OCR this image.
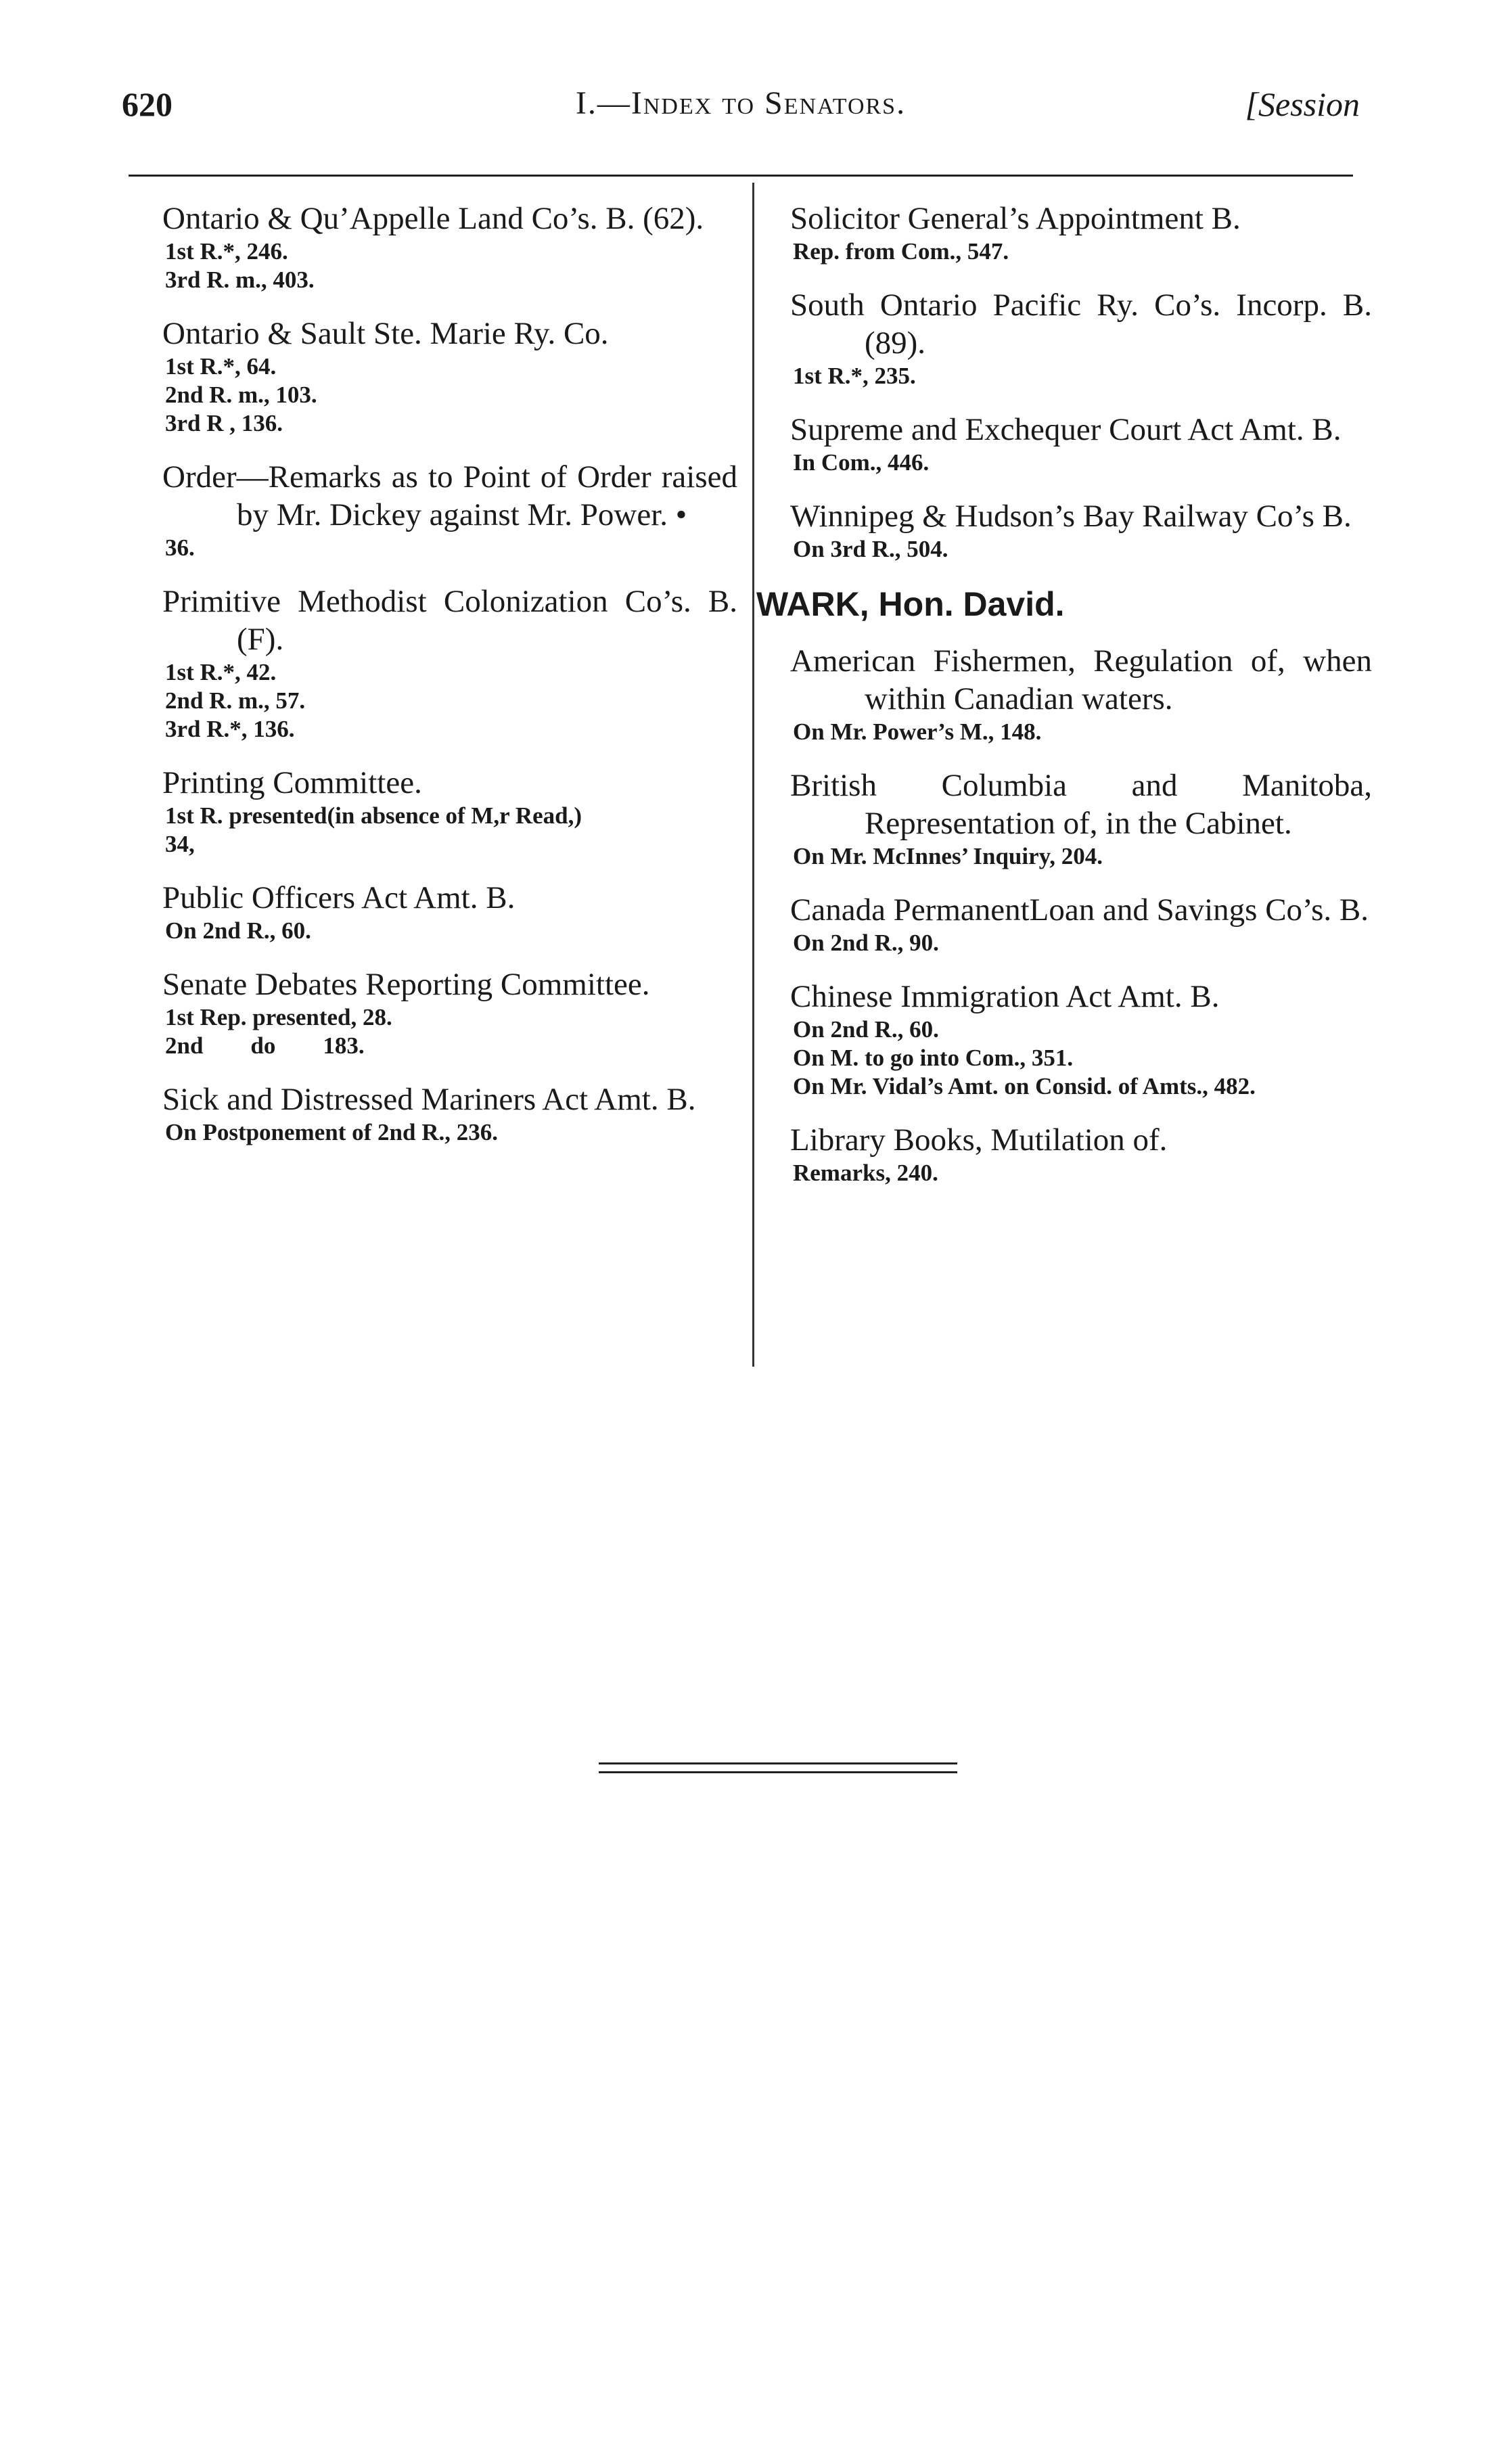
620	I.—Index to Senators.	[Session
Ontario & Qu’Appelle Land Co’s. B. (62).
1st R.*, 246.
3rd R. m., 403.
Ontario & Sault Ste. Marie Ry. Co.
1st R.*, 64.
2nd R. m., 103.
3rd R , 136.
Order—Remarks as to Point of Order raised by Mr. Dickey against Mr. Power. •
36.
Primitive Methodist Colonization Co’s. B. (F).
1st R.*, 42.
2nd R. m., 57.
3rd R.*, 136.
Printing Committee.
1st R. presented(in absence of M,r Read,)
34,
Public Officers Act Amt. B.
On 2nd R., 60.
Senate Debates Reporting Committee.
1st Rep. presented, 28.
2nd        do        183.
Sick and Distressed Mariners Act Amt. B.
On Postponement of 2nd R., 236.
Solicitor General’s Appointment B.
Rep. from Com., 547.
South Ontario Pacific Ry. Co’s. Incorp. B. (89).
1st R.*, 235.
Supreme and Exchequer Court Act Amt. B.
In Com., 446.
Winnipeg & Hudson’s Bay Railway Co’s B.
On 3rd R., 504.
WARK, Hon. David.
American Fishermen, Regulation of, when within Canadian waters.
On Mr. Power’s M., 148.
British Columbia and Manitoba, Representation of, in the Cabinet.
On Mr. McInnes’ Inquiry, 204.
Canada PermanentLoan and Savings Co’s. B.
On 2nd R., 90.
Chinese Immigration Act Amt. B.
On 2nd R., 60.
On M. to go into Com., 351.
On Mr. Vidal’s Amt. on Consid. of Amts., 482.
Library Books, Mutilation of.
Remarks, 240.
